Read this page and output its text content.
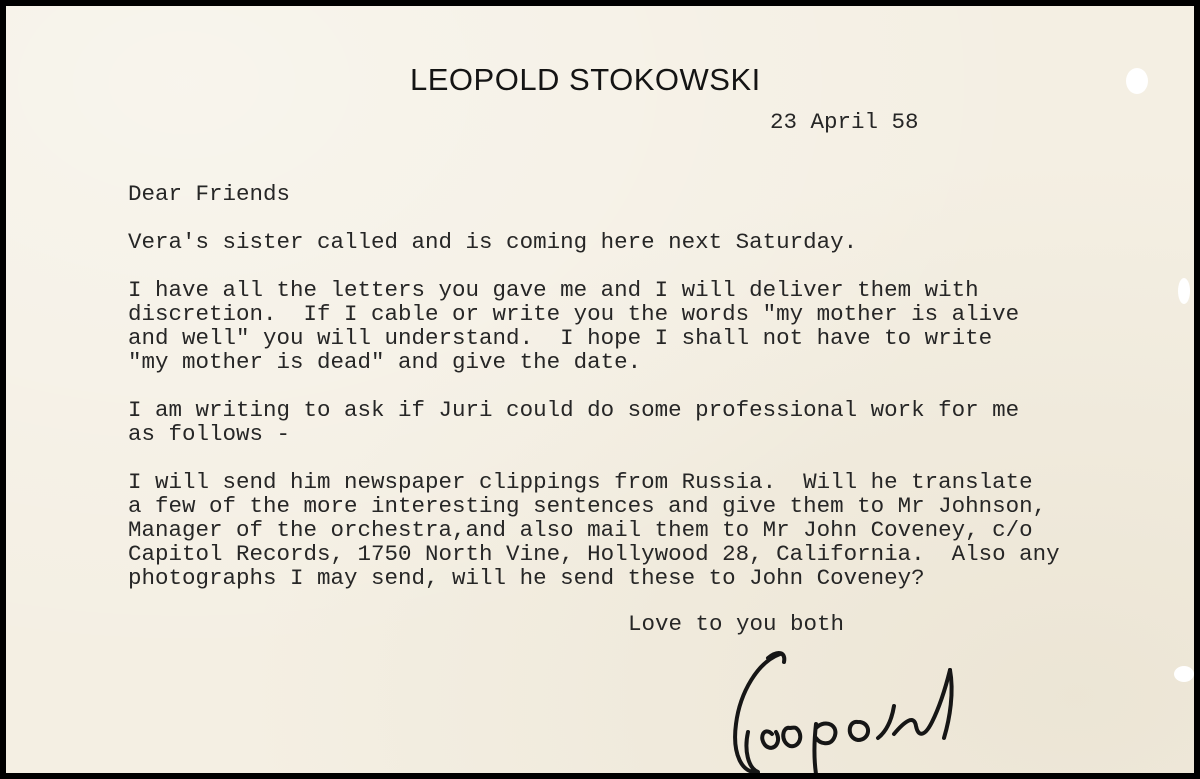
LEOPOLD STOKOWSKI
23 April 58
Dear Friends
Vera's sister called and is coming here next Saturday.
I have all the letters you gave me and I will deliver them with
discretion.  If I cable or write you the words "my mother is alive
and well" you will understand.  I hope I shall not have to write
"my mother is dead" and give the date.
I am writing to ask if Juri could do some professional work for me
as follows -
I will send him newspaper clippings from Russia.  Will he translate
a few of the more interesting sentences and give them to Mr Johnson,
Manager of the orchestra,and also mail them to Mr John Coveney, c/o
Capitol Records, 1750 North Vine, Hollywood 28, California.  Also any
photographs I may send, will he send these to John Coveney?
Love to you both
